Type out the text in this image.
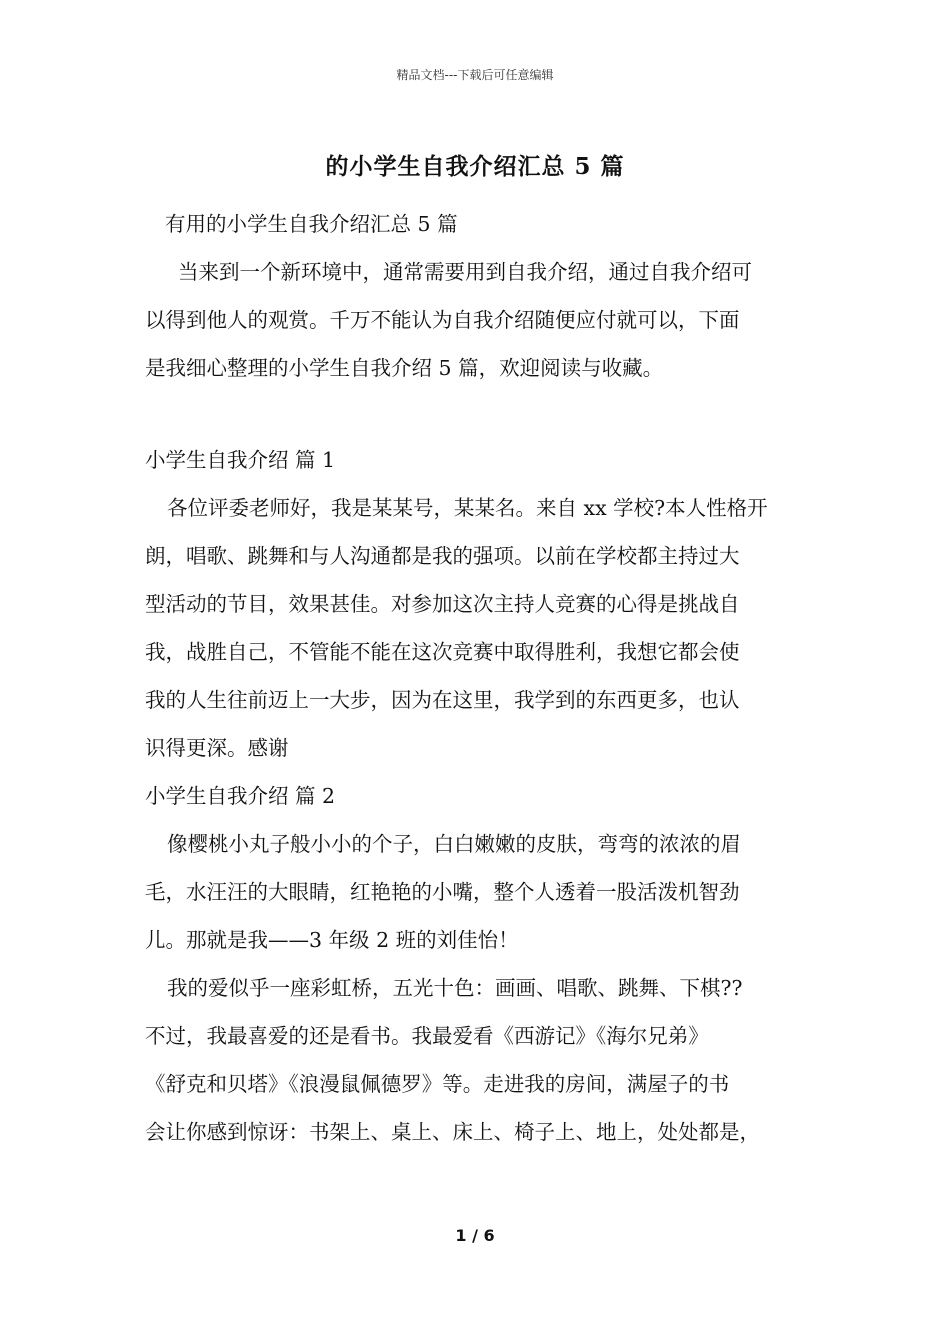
精品文档---下载后可任意编辑
的小学生自我介绍汇总 5 篇
有用的小学生自我介绍汇总 5 篇
当来到一个新环境中，通常需要用到自我介绍，通过自我介绍可
以得到他人的观赏。千万不能认为自我介绍随便应付就可以，下面
是我细心整理的小学生自我介绍 5 篇，欢迎阅读与收藏。
小学生自我介绍 篇 1
各位评委老师好，我是某某号，某某名。来自 xx 学校?本人性格开
朗，唱歌、跳舞和与人沟通都是我的强项。以前在学校都主持过大
型活动的节目，效果甚佳。对参加这次主持人竞赛的心得是挑战自
我，战胜自己，不管能不能在这次竞赛中取得胜利，我想它都会使
我的人生往前迈上一大步，因为在这里，我学到的东西更多，也认
识得更深。感谢
小学生自我介绍 篇 2
像樱桃小丸子般小小的个子，白白嫩嫩的皮肤，弯弯的浓浓的眉
毛，水汪汪的大眼睛，红艳艳的小嘴，整个人透着一股活泼机智劲
儿。那就是我——3 年级 2 班的刘佳怡！
我的爱似乎一座彩虹桥，五光十色：画画、唱歌、跳舞、下棋??
不过，我最喜爱的还是看书。我最爱看《西游记》《海尔兄弟》
《舒克和贝塔》《浪漫鼠佩德罗》等。走进我的房间，满屋子的书
会让你感到惊讶：书架上、桌上、床上、椅子上、地上，处处都是，
1 / 6
